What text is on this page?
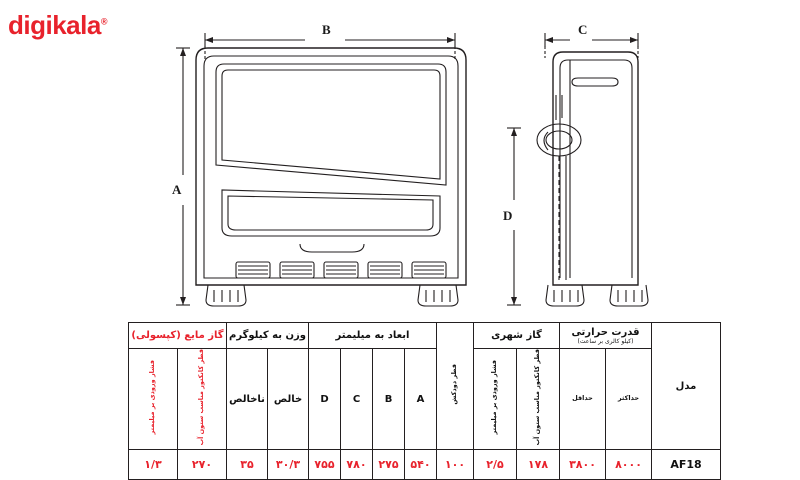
digikala®
B
A
C
D
مدل	قدرت حرارتی
(کیلو کالری بر ساعت)		گاز شهری		قطر دودکش	ابعاد به میلیمتر				وزن به کیلوگرم		گاز مایع (کپسولی)	
	حداکثر	حداقل	قطر کانکتور مناسب ستون آب	فشار ورودی بر میلیمتر		A	B	C	D	خالص	ناخالص	قطر کانکتور مناسب ستون آب	فشار ورودی بر میلیمتر
AF18	۸۰۰۰	۳۸۰۰	۱۷۸	۲/۵	۱۰۰	۵۴۰	۲۷۵	۷۸۰	۷۵۵	۳۰/۳	۳۵	۲۷۰	۱/۳
